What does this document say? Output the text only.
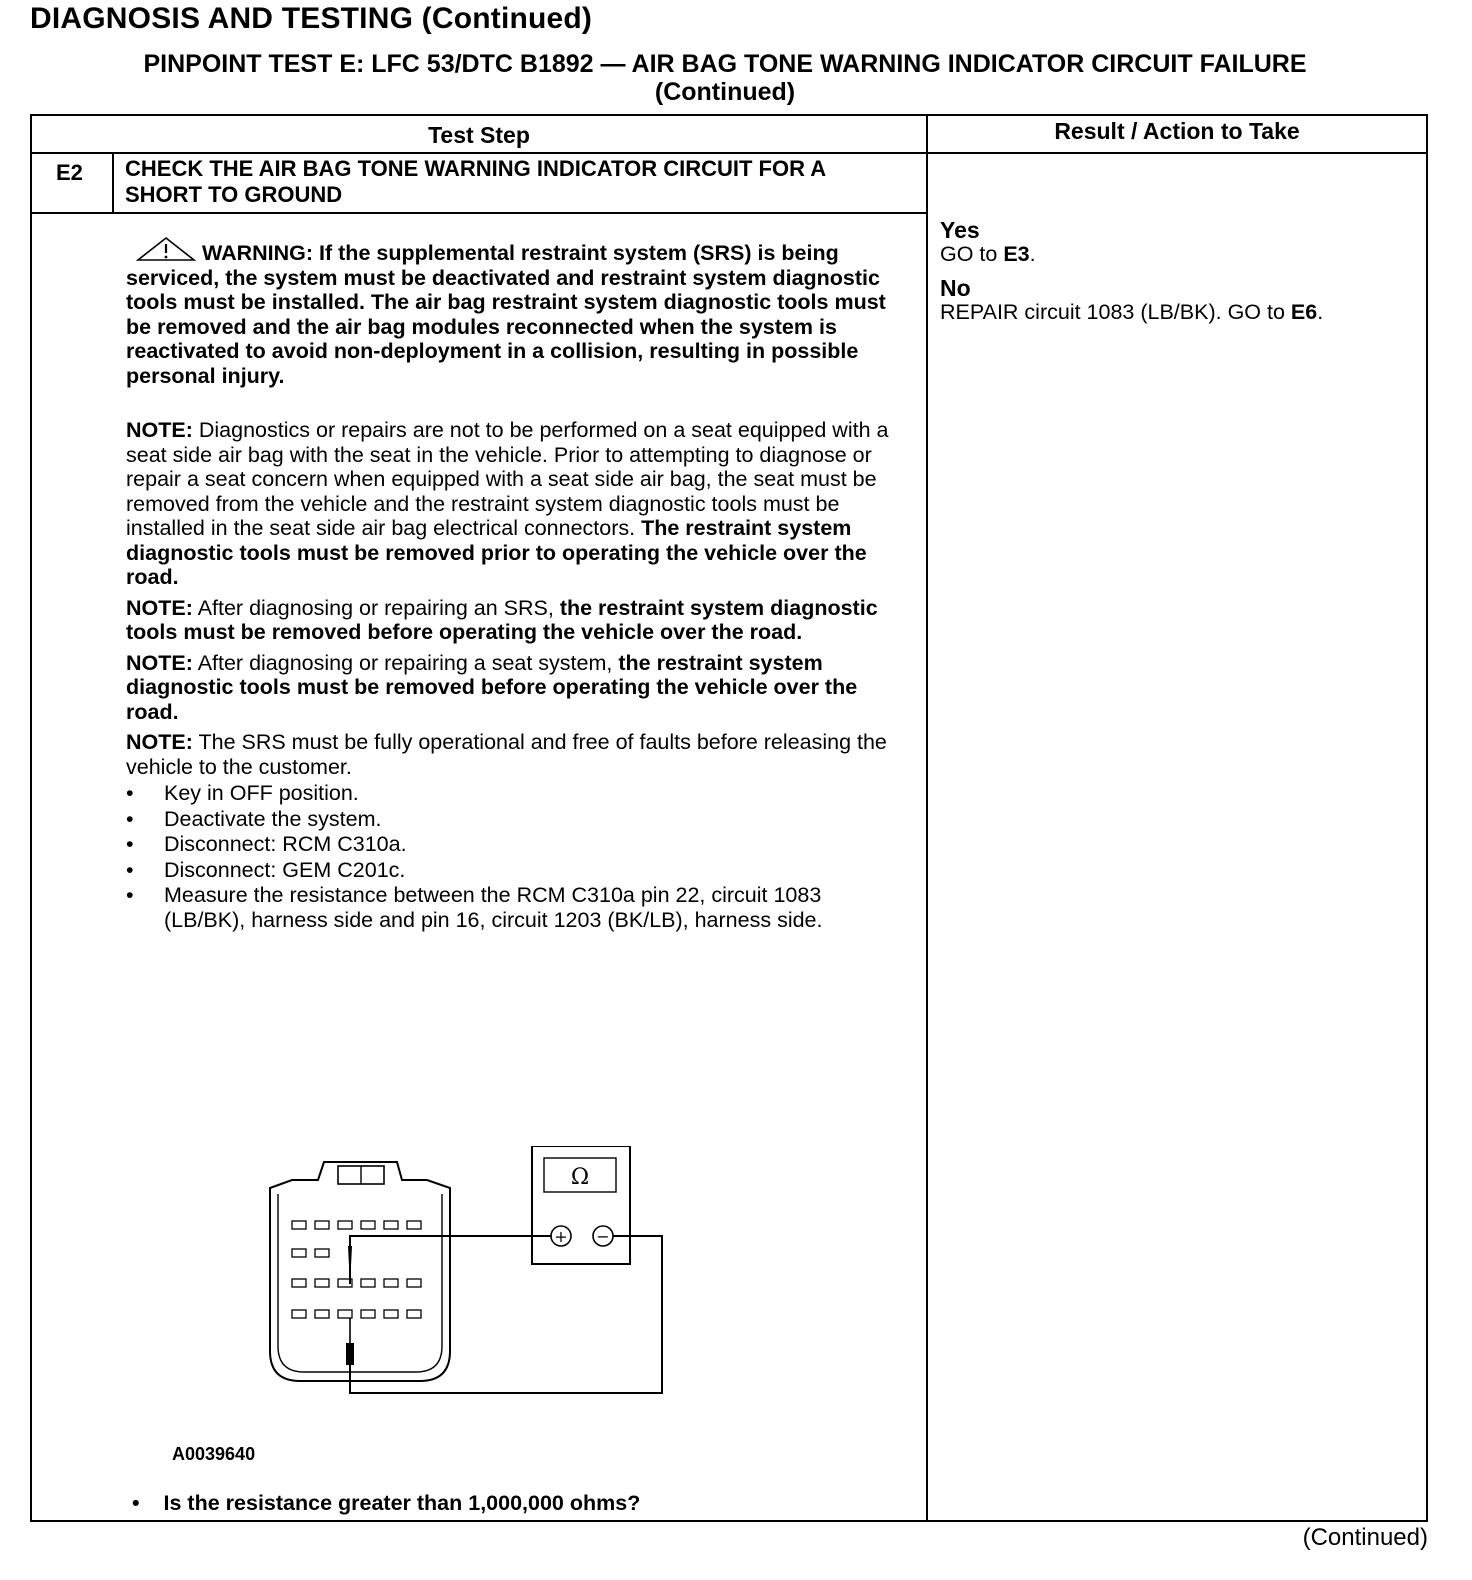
DIAGNOSIS AND TESTING (Continued)
PINPOINT TEST E: LFC 53/DTC B1892 — AIR BAG TONE WARNING INDICATOR CIRCUIT FAILURE
(Continued)
Test Step	Result / Action to Take
E2 CHECK THE AIR BAG TONE WARNING INDICATOR CIRCUIT FOR A SHORT TO GROUND

WARNING: If the supplemental restraint system (SRS) is being serviced, the system must be deactivated and restraint system diagnostic tools must be installed. The air bag restraint system diagnostic tools must be removed and the air bag modules reconnected when the system is reactivated to avoid non-deployment in a collision, resulting in possible personal injury.

NOTE: Diagnostics or repairs are not to be performed on a seat equipped with a seat side air bag with the seat in the vehicle. Prior to attempting to diagnose or repair a seat concern when equipped with a seat side air bag, the seat must be removed from the vehicle and the restraint system diagnostic tools must be installed in the seat side air bag electrical connectors. The restraint system diagnostic tools must be removed prior to operating the vehicle over the road.

NOTE: After diagnosing or repairing an SRS, the restraint system diagnostic tools must be removed before operating the vehicle over the road.

NOTE: After diagnosing or repairing a seat system, the restraint system diagnostic tools must be removed before operating the vehicle over the road.

NOTE: The SRS must be fully operational and free of faults before releasing the vehicle to the customer.

• Key in OFF position.
• Deactivate the system.
• Disconnect: RCM C310a.
• Disconnect: GEM C201c.
• Measure the resistance between the RCM C310a pin 22, circuit 1083 (LB/BK), harness side and pin 16, circuit 1203 (BK/LB), harness side.
Ω
+ −
A0039640
• Is the resistance greater than 1,000,000 ohms?

Yes

GO to E3.

No

REPAIR circuit 1083 (LB/BK). GO to E6.

(Continued)
